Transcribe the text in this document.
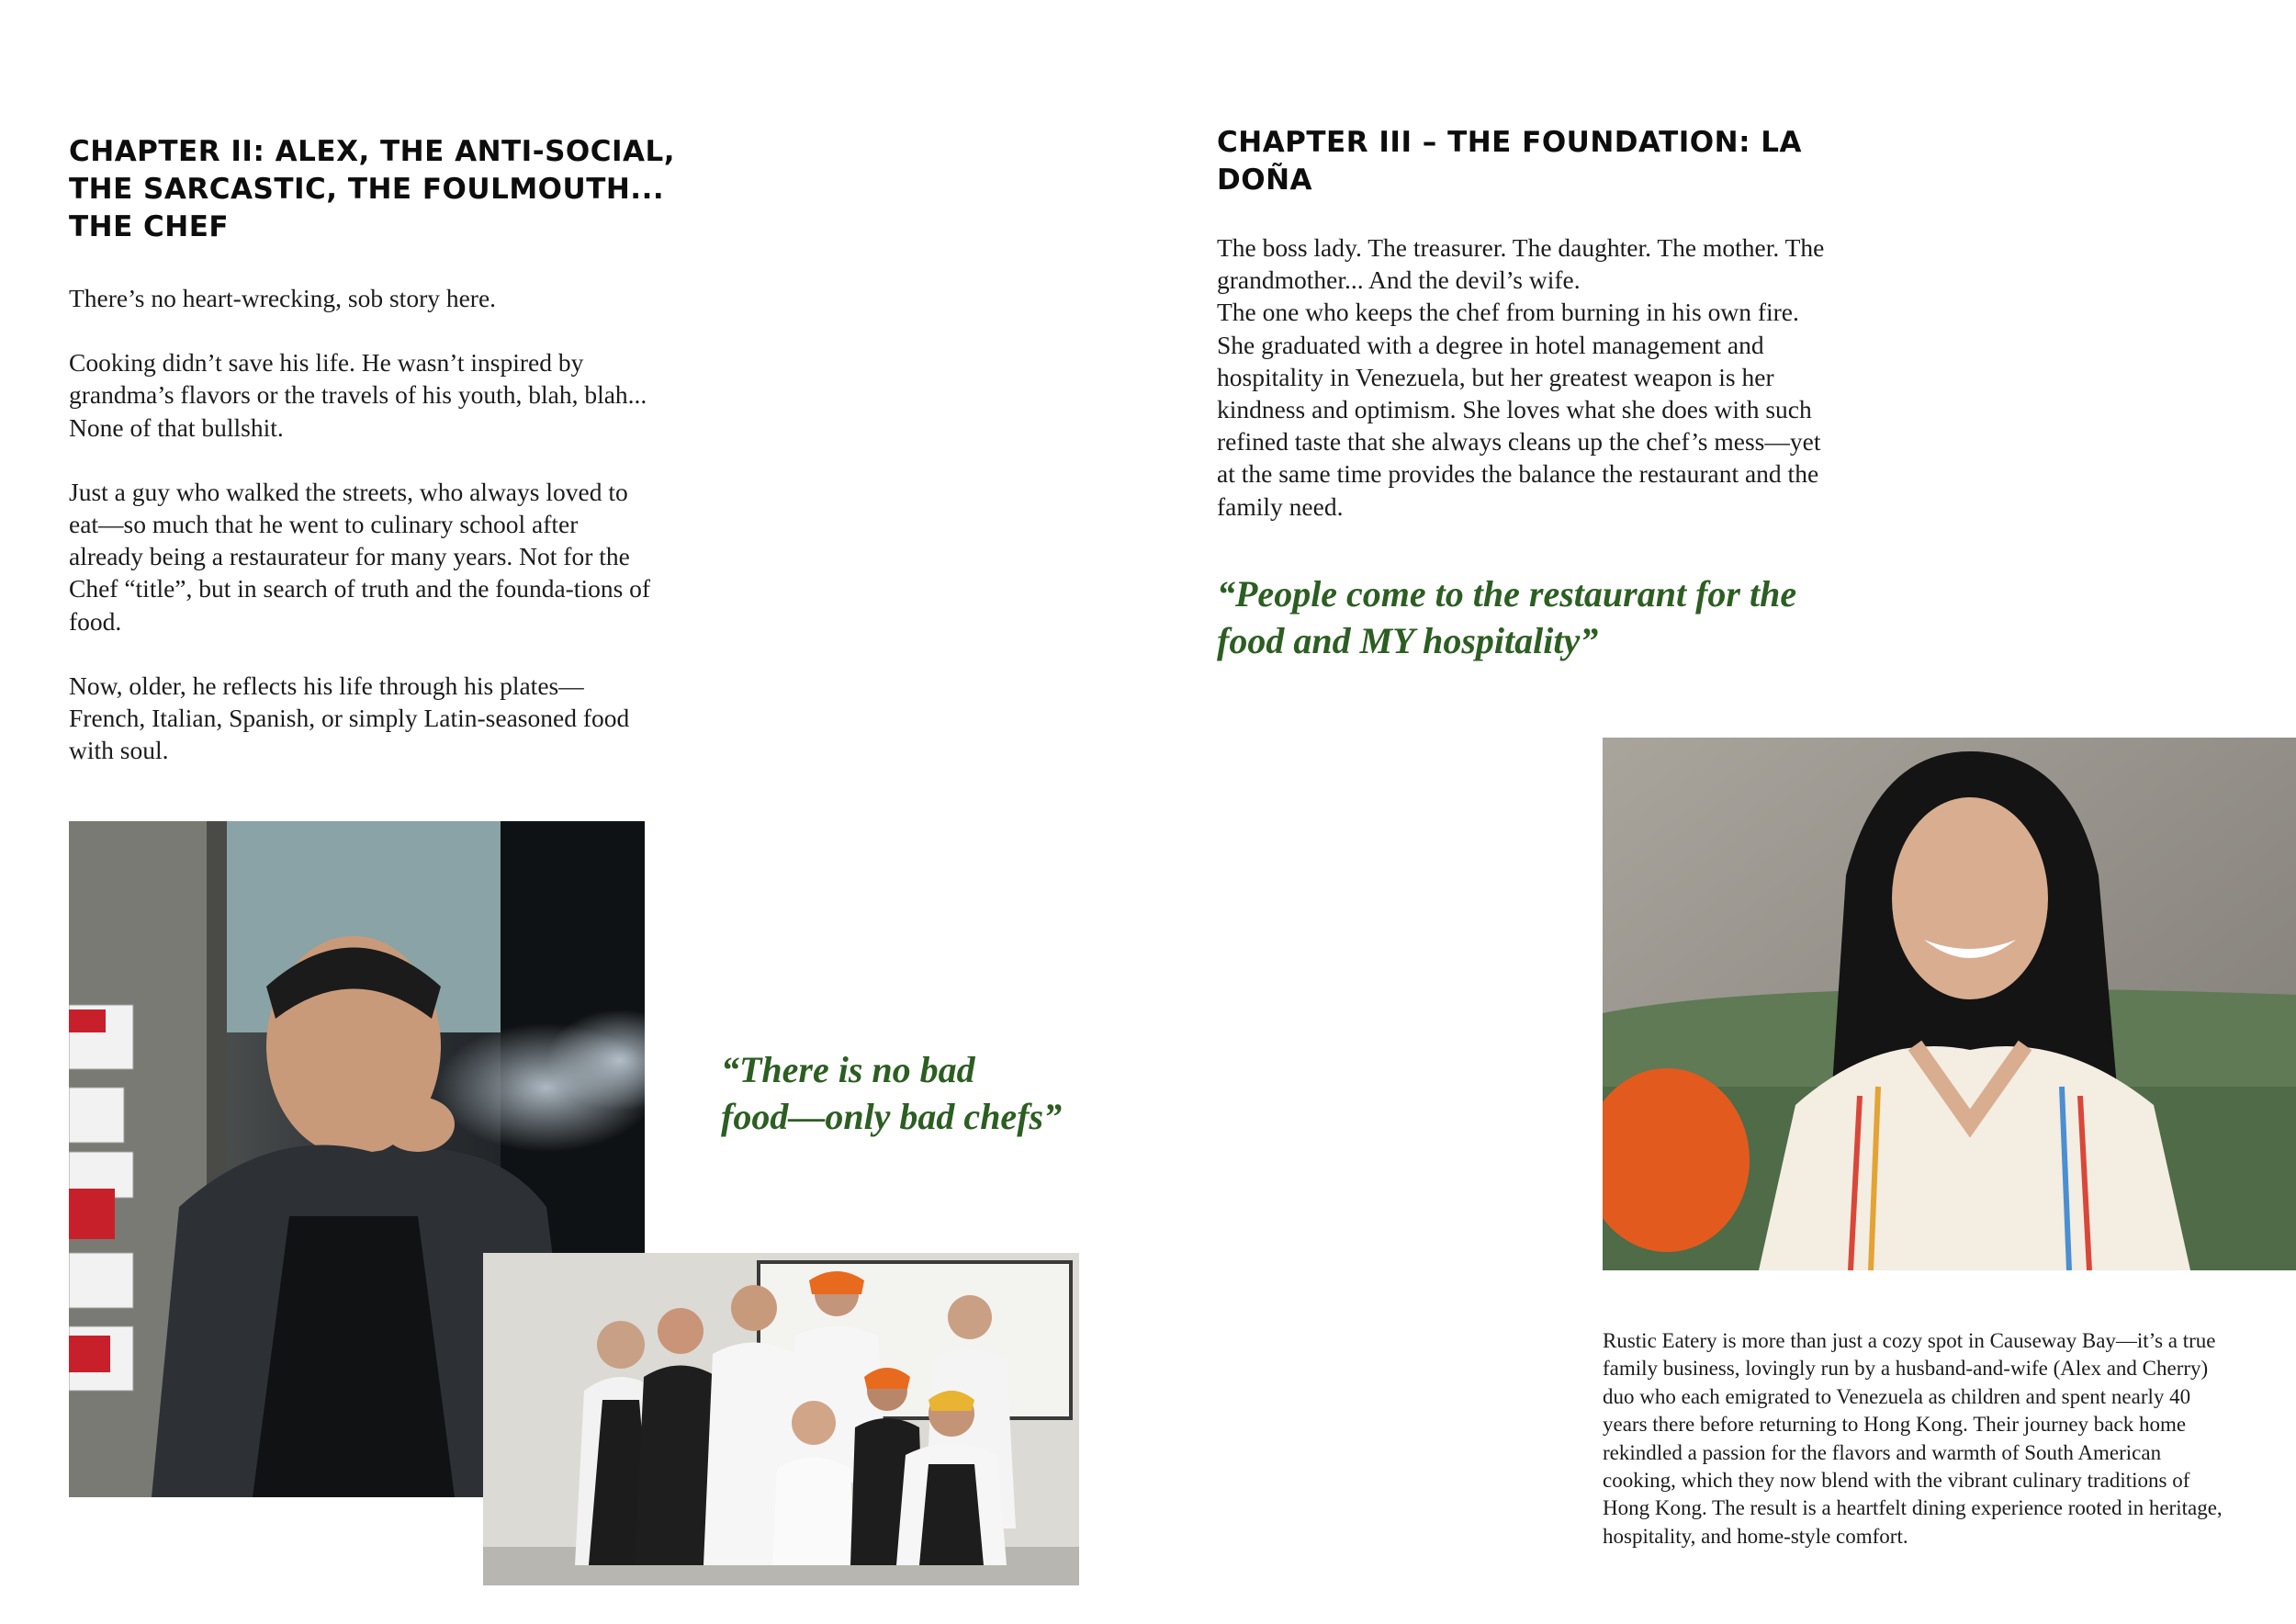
CHAPTER II: ALEX, THE ANTI-SOCIAL,
THE SARCASTIC, THE FOULMOUTH...
THE CHEF

There’s no heart-wrecking, sob story here.

Cooking didn’t save his life. He wasn’t inspired by grandma’s flavors or the travels of his youth, blah, blah... None of that bullshit.

Just a guy who walked the streets, who always loved to eat—so much that he went to culinary school after already being a restaurateur for many years. Not for the Chef “title”, but in search of truth and the founda-tions of food.

Now, older, he reflects his life through his plates—French, Italian, Spanish, or simply Latin-seasoned food with soul.

“There is no bad
food—only bad chefs”
CHAPTER III – THE FOUNDATION: LA
DOÑA

The boss lady. The treasurer. The daughter. The mother. The grandmother... And the devil’s wife.
The one who keeps the chef from burning in his own fire. She graduated with a degree in hotel management and hospitality in Venezuela, but her greatest weapon is her kindness and optimism. She loves what she does with such refined taste that she always cleans up the chef’s mess—yet at the same time provides the balance the restaurant and the family need.

“People come to the restaurant for the
food and MY hospitality”

Rustic Eatery is more than just a cozy spot in Causeway Bay—it’s a true family business, lovingly run by a husband-and-wife (Alex and Cherry) duo who each emigrated to Venezuela as children and spent nearly 40 years there before returning to Hong Kong. Their journey back home rekindled a passion for the flavors and warmth of South American cooking, which they now blend with the vibrant culinary traditions of Hong Kong. The result is a heartfelt dining experience rooted in heritage, hospitality, and home-style comfort.
